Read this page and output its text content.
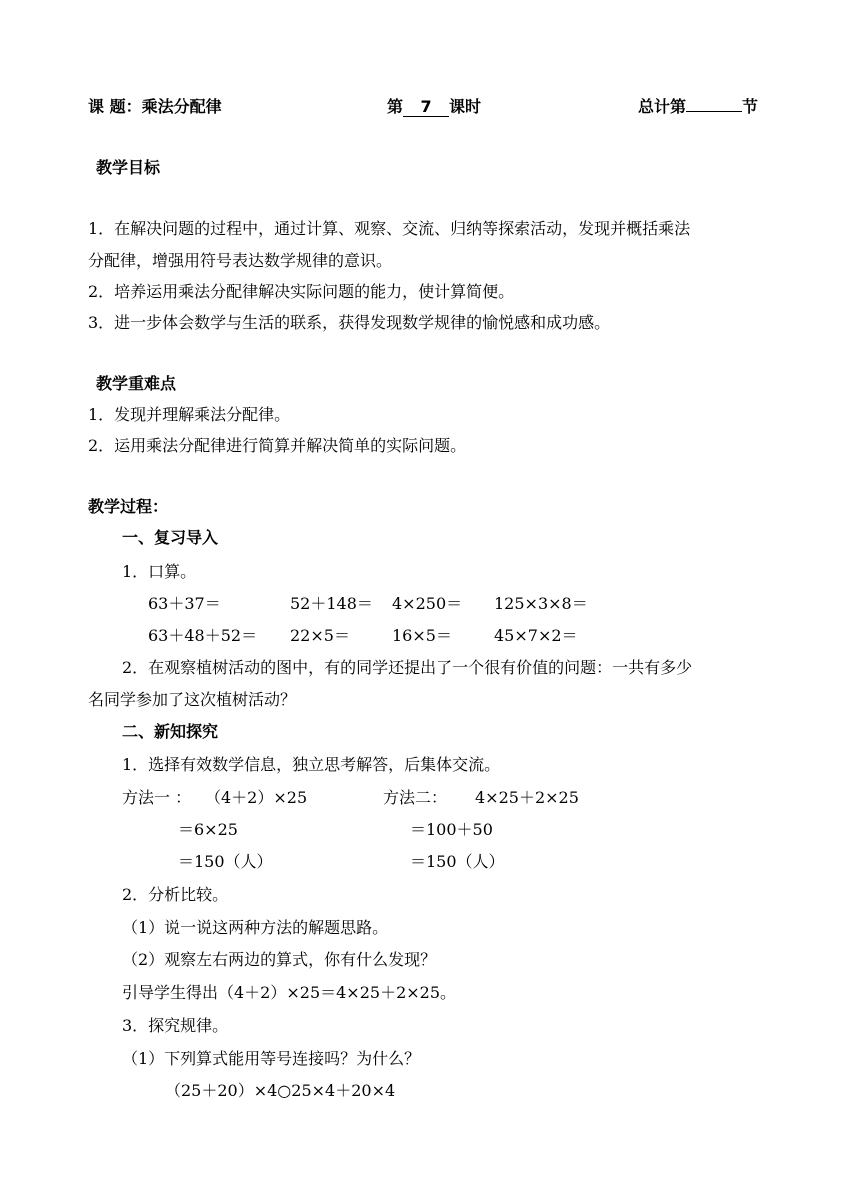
课 题：乘法分配律	第 7 课时	总计第	节
教学目标
1．在解决问题的过程中，通过计算、观察、交流、归纳等探索活动，发现并概括乘法
分配律，增强用符号表达数学规律的意识。
2．培养运用乘法分配律解决实际问题的能力，使计算简便。
3．进一步体会数学与生活的联系，获得发现数学规律的愉悦感和成功感。
教学重难点
1．发现并理解乘法分配律。
2．运用乘法分配律进行简算并解决简单的实际问题。
教学过程：
一、复习导入
1．口算。
63＋37＝	52＋148＝ 4×250＝ 125×3×8＝
63＋48＋52＝ 22×5＝	16×5＝	45×7×2＝
2．在观察植树活动的图中，有的同学还提出了一个很有价值的问题：一共有多少
名同学参加了这次植树活动？
二、新知探究
1．选择有效数学信息，独立思考解答，后集体交流。
方法一 ： （4＋2）×25	方法二： 4×25＋2×25
＝6×25	＝100＋50
＝150（人）	＝150（人）
2．分析比较。
（1）说一说这两种方法的解题思路。
（2）观察左右两边的算式，你有什么发现？
引导学生得出（4＋2）×25＝4×25＋2×25。
3．探究规律。
（1）下列算式能用等号连接吗？为什么？
（25＋20）×4○25×4＋20×4
